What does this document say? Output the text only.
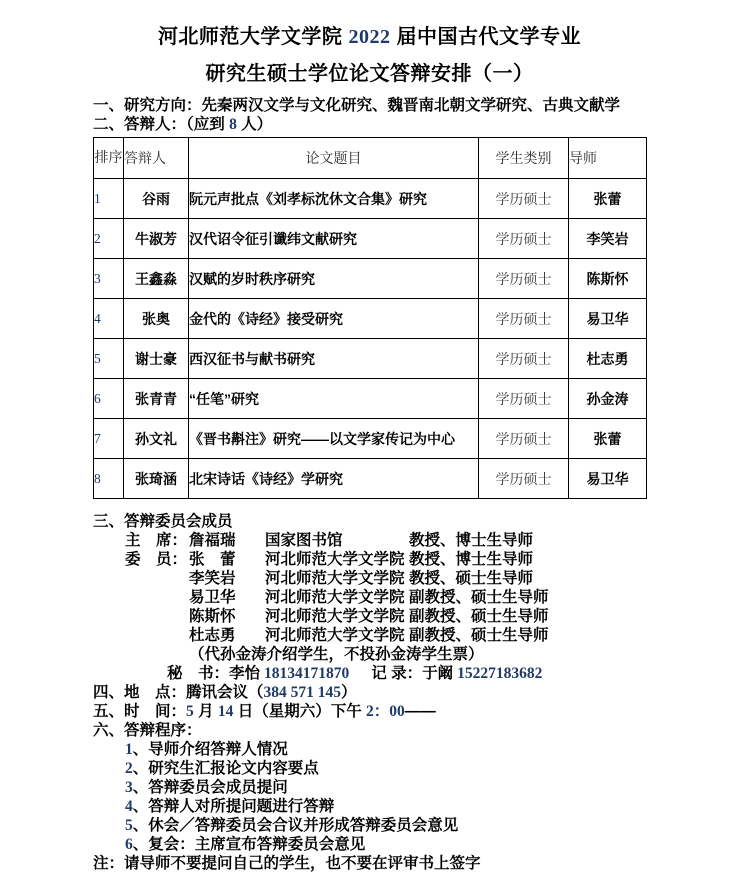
河北师范大学文学院 2022 届中国古代文学专业
研究生硕士学位论文答辩安排（一）
一、研究方向：先秦两汉文学与文化研究、魏晋南北朝文学研究、古典文献学
二、答辩人：（应到 8 人）
排序	答辩人	论文题目	学生类别	导师
1	谷雨	阮元声批点《刘孝标沈休文合集》研究	学历硕士	张蕾
2	牛淑芳	汉代诏令征引谶纬文献研究	学历硕士	李笑岩
3	王鑫淼	汉赋的岁时秩序研究	学历硕士	陈斯怀
4	张奥	金代的《诗经》接受研究	学历硕士	易卫华
5	谢士豪	西汉征书与献书研究	学历硕士	杜志勇
6	张青青	“任笔”研究	学历硕士	孙金涛
7	孙文礼	《晋书斠注》研究——以文学家传记为中心	学历硕士	张蕾
8	张琦涵	北宋诗话《诗经》学研究	学历硕士	易卫华
三、答辩委员会成员
主　席： 詹福瑞	国家图书馆	教授、博士生导师
委　员： 张　蕾	河北师范大学文学院 教授、博士生导师
李笑岩	河北师范大学文学院 教授、硕士生导师
易卫华	河北师范大学文学院 副教授、硕士生导师
陈斯怀	河北师范大学文学院 副教授、硕士生导师
杜志勇	河北师范大学文学院 副教授、硕士生导师
（代孙金涛介绍学生，不投孙金涛学生票）
秘　书：李怡 18134171870 记 录：于阚 15227183682
四、地　点：腾讯会议（384 571 145）
五、时　间：5 月 14 日（星期六）下午 2：00——
六、答辩程序：
1、导师介绍答辩人情况
2、研究生汇报论文内容要点
3、答辩委员会成员提问
4、答辩人对所提问题进行答辩
5、休会／答辩委员会合议并形成答辩委员会意见
6、复会：主席宣布答辩委员会意见
注：请导师不要提问自己的学生，也不要在评审书上签字
